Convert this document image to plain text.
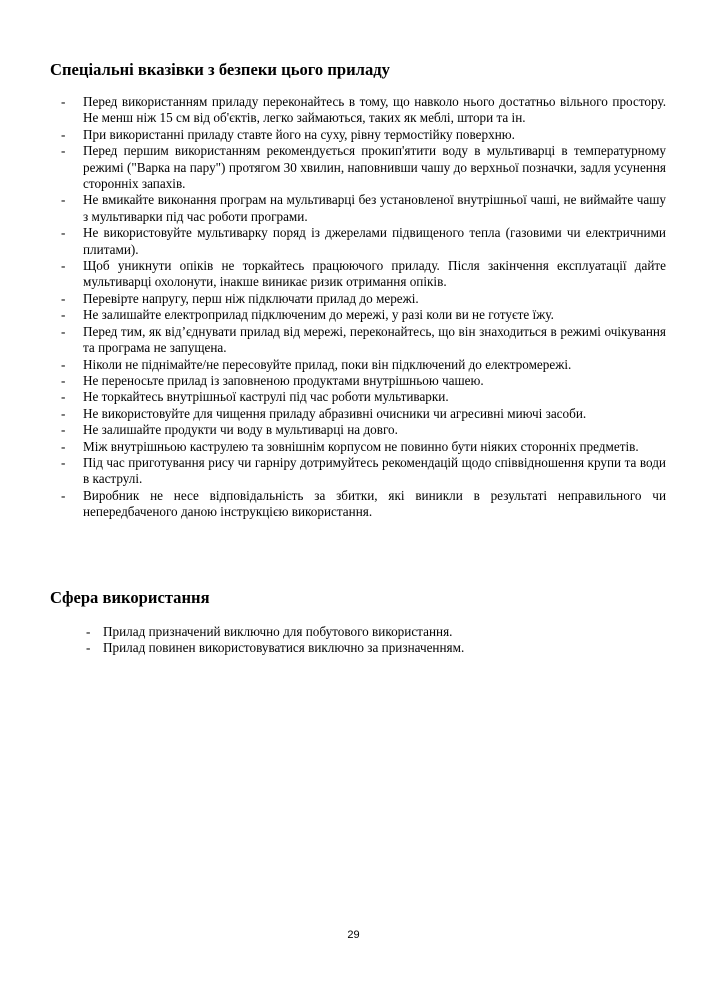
Спеціальні вказівки з безпеки цього приладу
- Перед використанням приладу переконайтесь в тому, що навколо нього достатньо вільного простору. Не менш ніж 15 см від об'єктів, легко займаються, таких як меблі, штори та ін.
- При використанні приладу ставте його на суху, рівну термостійку поверхню.
- Перед першим використанням рекомендується прокип'ятити воду в мультиварці в температурному режимі ("Варка на пару") протягом 30 хвилин, наповнивши чашу до верхньої позначки, задля усунення сторонніх запахів.
- Не вмикайте виконання програм на мультиварці без установленої внутрішньої чаші, не виймайте чашу з мультиварки під час роботи програми.
- Не використовуйте мультиварку поряд із джерелами підвищеного тепла (газовими чи електричними плитами).
- Щоб уникнути опіків не торкайтесь працюючого приладу. Після закінчення експлуатації дайте мультиварці охолонути, інакше виникає ризик отримання опіків.
- Перевірте напругу, перш ніж підключати прилад до мережі.
- Не залишайте електроприлад підключеним до мережі, у разі коли ви не готуєте їжу.
- Перед тим, як від’єднувати прилад від мережі, переконайтесь, що він знаходиться в режимі очікування та програма не запущена.
- Ніколи не піднімайте/не пересовуйте прилад, поки він підключений до електромережі.
- Не переносьте прилад із заповненою продуктами внутрішньою чашею.
- Не торкайтесь внутрішньої каструлі під час роботи мультиварки.
- Не використовуйте для чищення приладу абразивні очисники чи агресивні миючі засоби.
- Не залишайте продукти чи воду в мультиварці на довго.
- Між внутрішньою каструлею та зовнішнім корпусом не повинно бути ніяких сторонніх предметів.
- Під час приготування рису чи гарніру дотримуйтесь рекомендацій щодо співвідношення крупи та води в каструлі.
- Виробник не несе відповідальність за збитки, які виникли в результаті неправильного чи непередбаченого даною інструкцією використання.
Сфера використання
- Прилад призначений виключно для побутового використання.
- Прилад повинен використовуватися виключно за призначенням.
29
